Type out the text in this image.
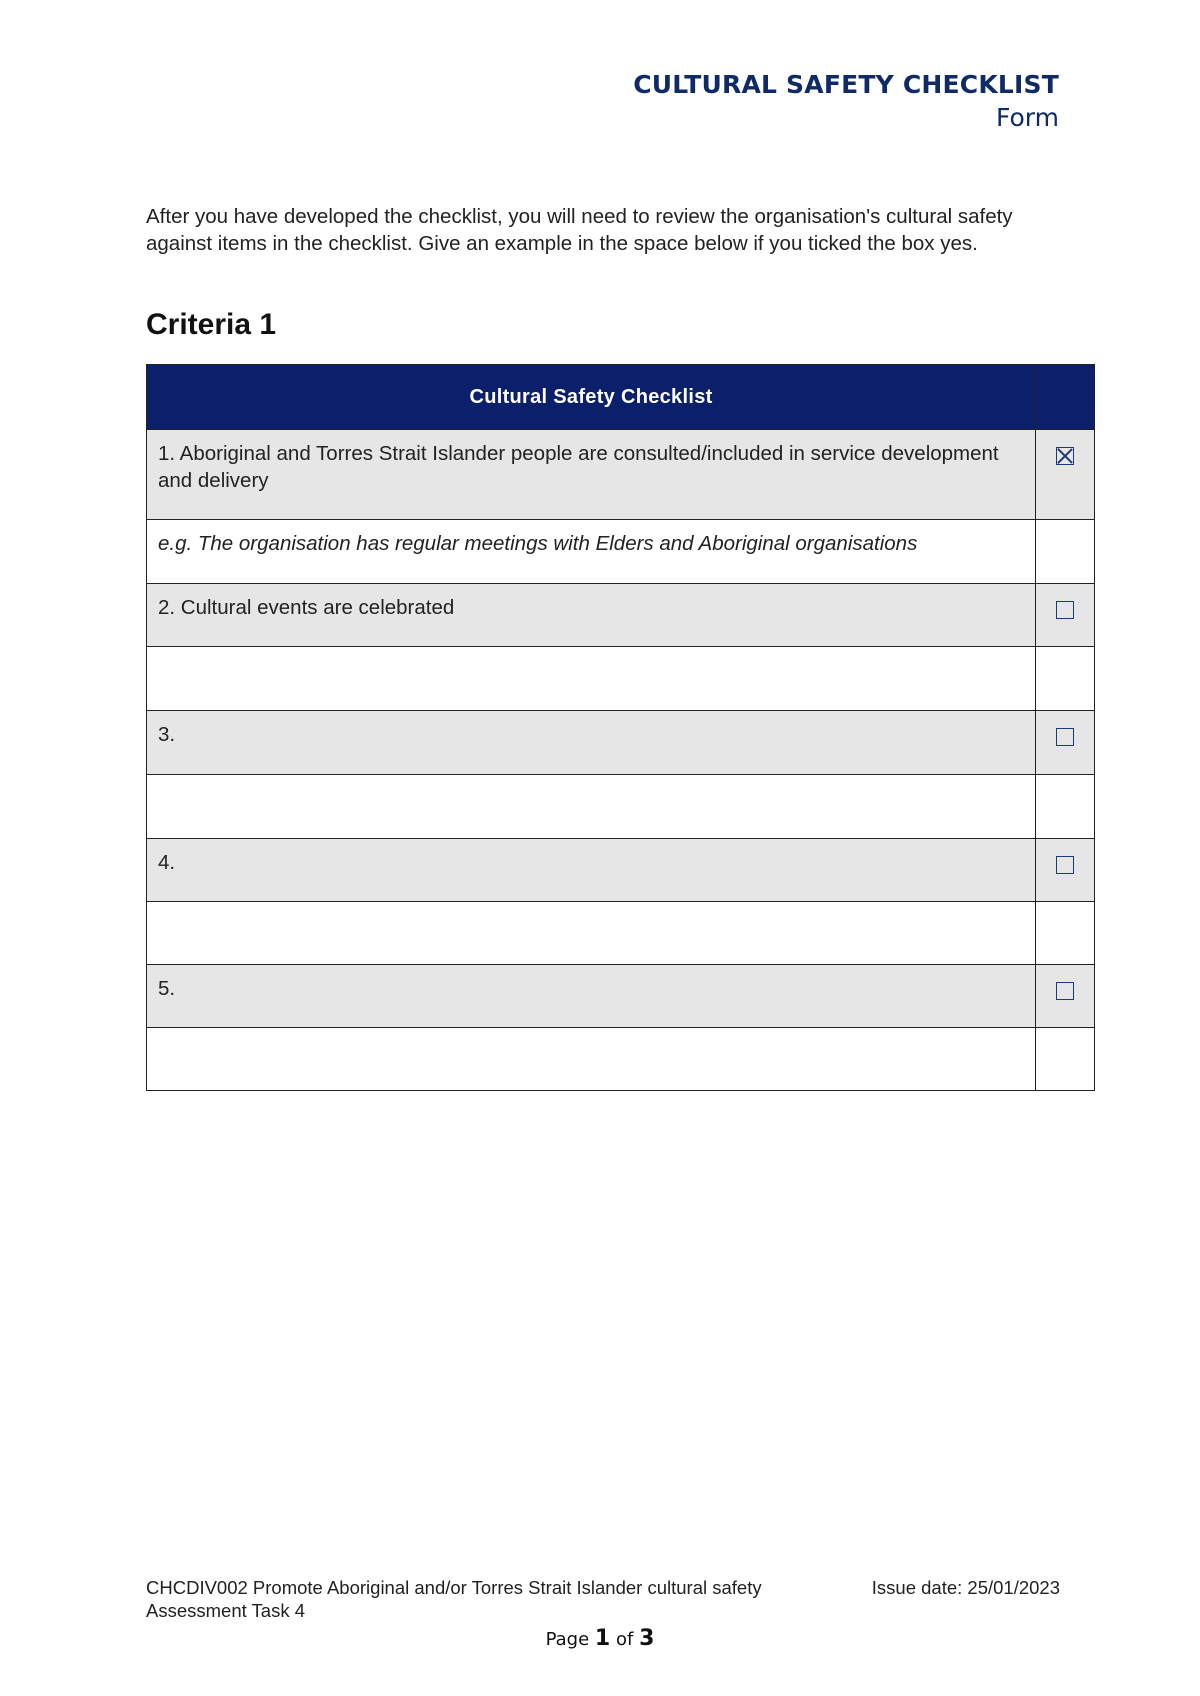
CULTURAL SAFETY CHECKLIST
Form

After you have developed the checklist, you will need to review the organisation's cultural safety against items in the checklist. Give an example in the space below if you ticked the box yes.

Criteria 1
Cultural Safety Checklist	

1. Aboriginal and Torres Strait Islander people are consulted/included in service development and delivery	

e.g. The organisation has regular meetings with Elders and Aboriginal organisations	

2. Cultural events are celebrated	

3.	

4.	

5.	

CHCDIV002 Promote Aboriginal and/or Torres Strait Islander cultural safety	Issue date: 25/01/2023
Assessment Task 4
Page 1 of 3
